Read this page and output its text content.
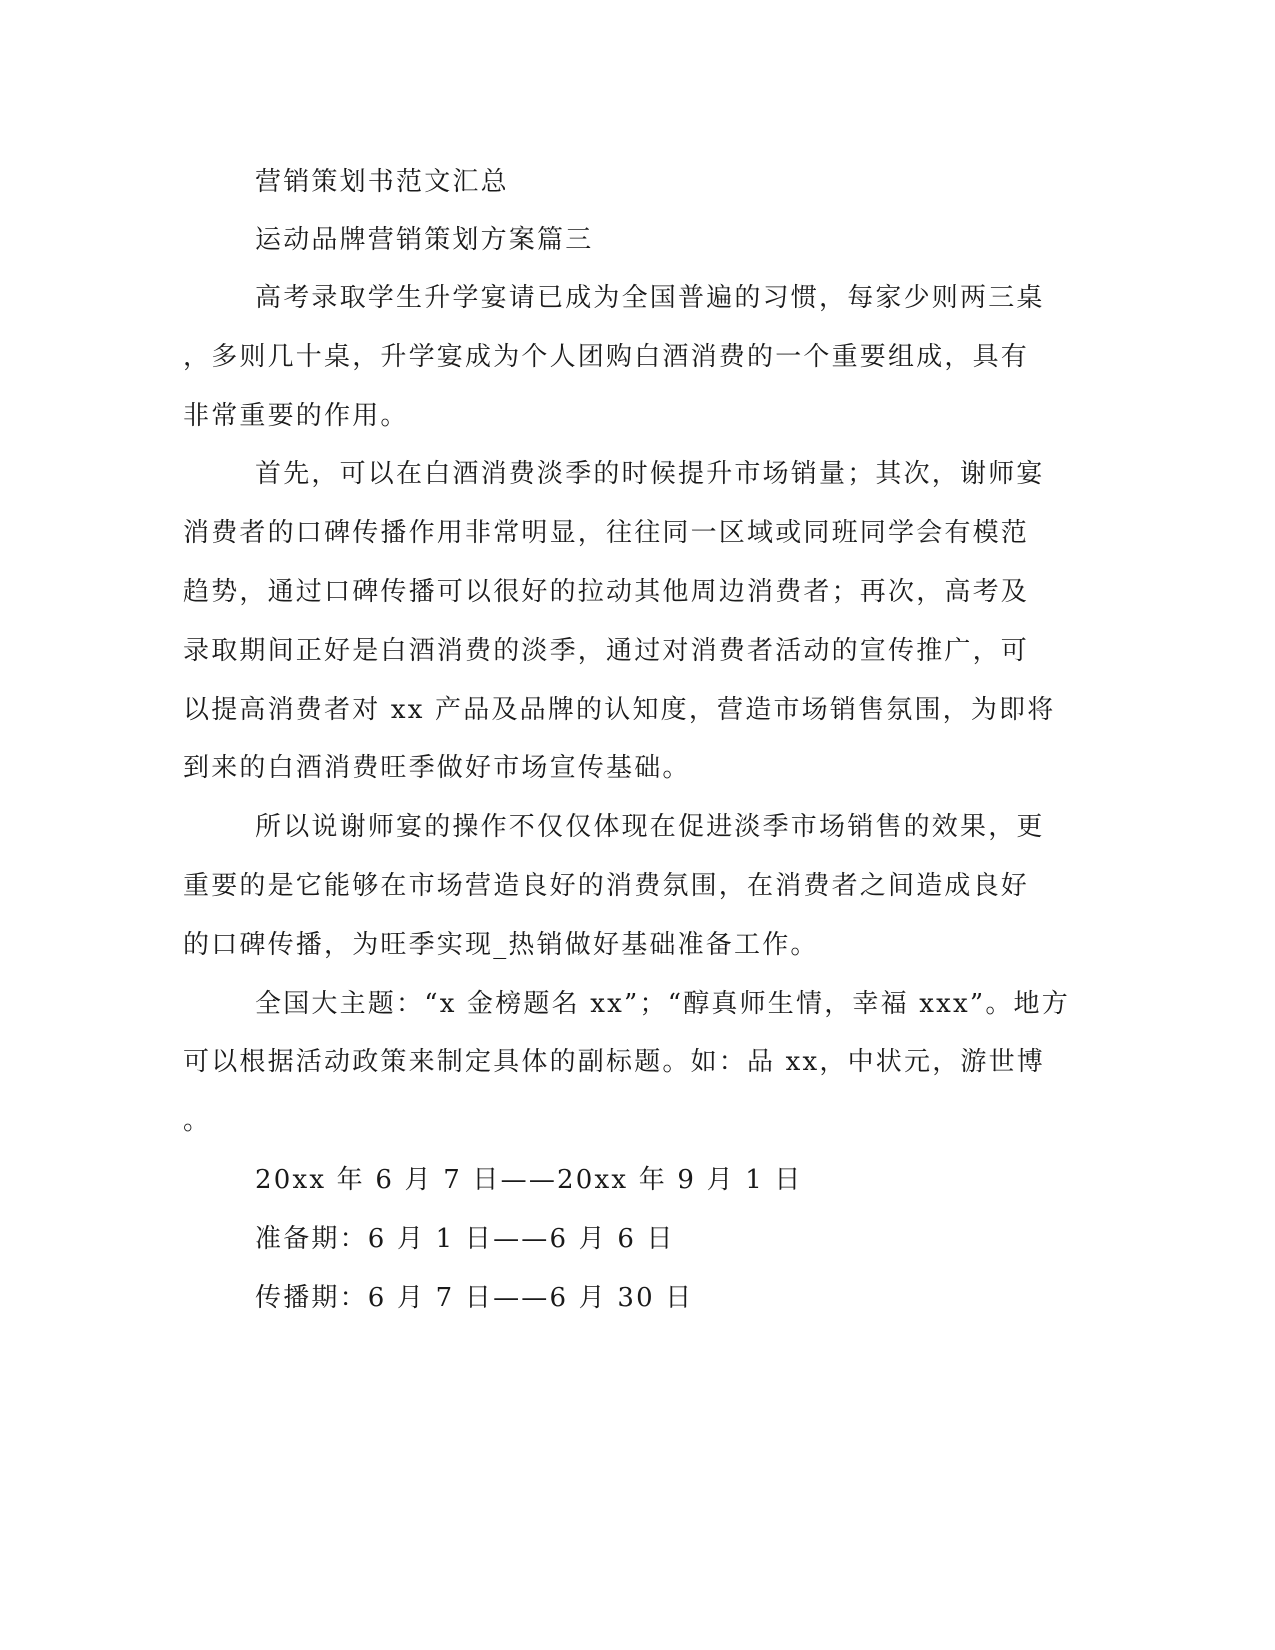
营销策划书范文汇总
运动品牌营销策划方案篇三
高考录取学生升学宴请已成为全国普遍的习惯，每家少则两三桌
，多则几十桌，升学宴成为个人团购白酒消费的一个重要组成，具有
非常重要的作用。
首先，可以在白酒消费淡季的时候提升市场销量；其次，谢师宴
消费者的口碑传播作用非常明显，往往同一区域或同班同学会有模范
趋势，通过口碑传播可以很好的拉动其他周边消费者；再次，高考及
录取期间正好是白酒消费的淡季，通过对消费者活动的宣传推广，可
以提高消费者对 xx 产品及品牌的认知度，营造市场销售氛围，为即将
到来的白酒消费旺季做好市场宣传基础。
所以说谢师宴的操作不仅仅体现在促进淡季市场销售的效果，更
重要的是它能够在市场营造良好的消费氛围，在消费者之间造成良好
的口碑传播，为旺季实现_热销做好基础准备工作。
全国大主题：“x 金榜题名 xx”；“醇真师生情，幸福 xxx”。地方
可以根据活动政策来制定具体的副标题。如：品 xx，中状元，游世博
。
20xx 年 6 月 7 日——20xx 年 9 月 1 日
准备期：6 月 1 日——6 月 6 日
传播期：6 月 7 日——6 月 30 日
